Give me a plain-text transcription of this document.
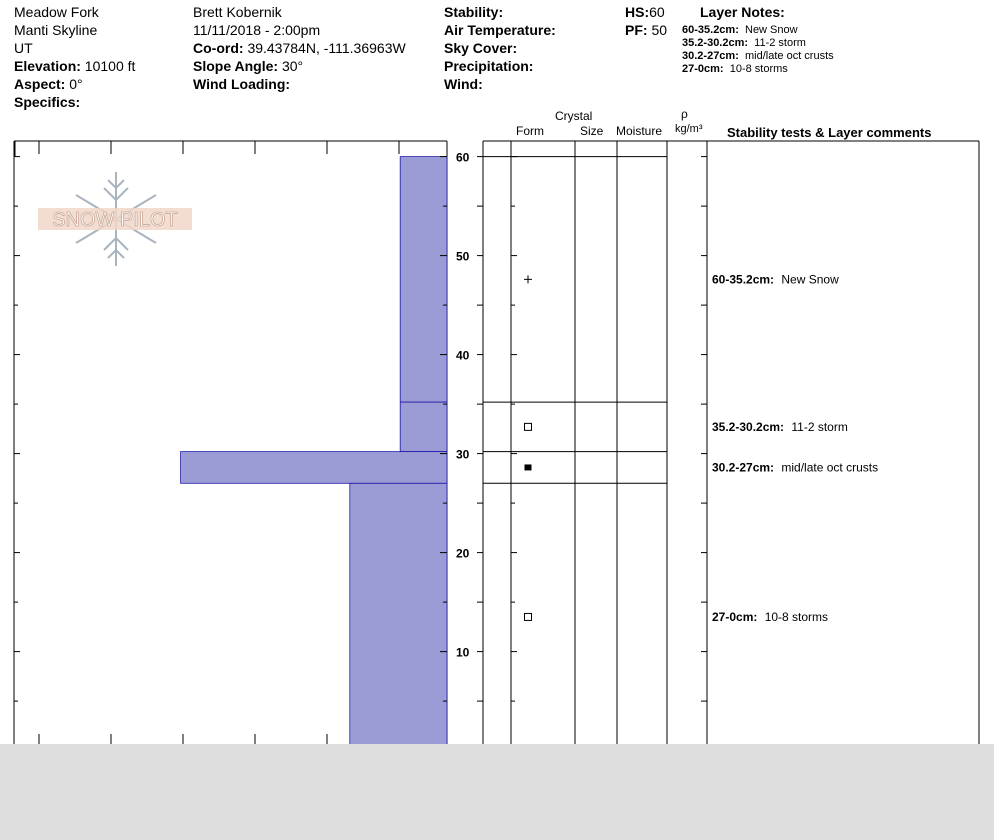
Meadow Fork
Manti Skyline
UT
Elevation: 10100 ft
Aspect: 0°
Specifics:
Brett Kobernik
11/11/2018 - 2:00pm
Co-ord: 39.43784N, -111.36963W
Slope Angle: 30°
Wind Loading:
Stability:
Air Temperature:
Sky Cover:
Precipitation:
Wind:
HS:60
PF: 50
Layer Notes:
60-35.2cm: New Snow
35.2-30.2cm: 11-2 storm
30.2-27cm: mid/late oct crusts
27-0cm: 10-8 storms
Crystal
Form	Size Moisture
ρ
kg/m³ Stability tests & Layer comments
SNOW PILOT
10
20
30
40
50
60
60-35.2cm: New Snow
35.2-30.2cm: 11-2 storm
30.2-27cm: mid/late oct crusts
27-0cm: 10-8 storms
